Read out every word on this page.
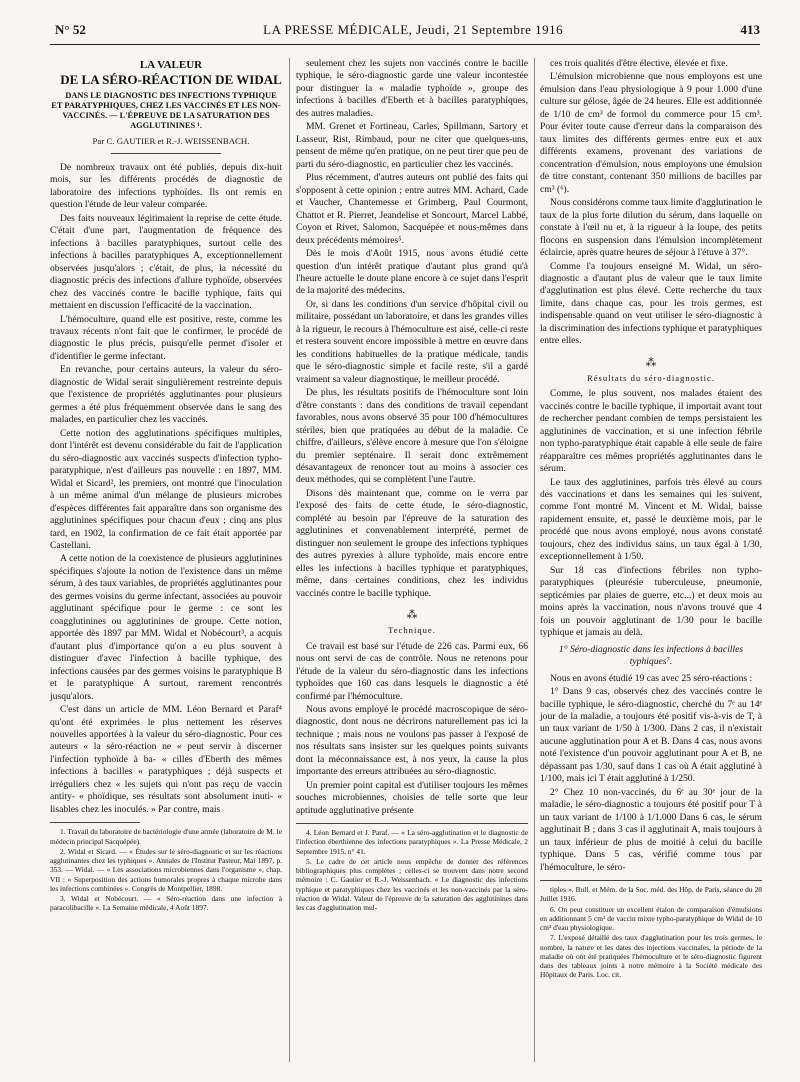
N° 52	LA PRESSE MÉDICALE, Jeudi, 21 Septembre 1916	413

LA VALEUR

DE LA SÉRO-RÉACTION DE WIDAL

DANS LE DIAGNOSTIC DES INFECTIONS TYPHIQUE ET PARATYPHIQUES, CHEZ LES VACCINÉS ET LES NON-VACCINÉS. — L'ÉPREUVE DE LA SATURATION DES AGGLUTININES ¹.

Par C. GAUTIER et R.-J. WEISSENBACH.

De nombreux travaux ont été publiés, depuis dix-huit mois, sur les différents procédés de diagnostic de laboratoire des infections typhoïdes. Ils ont remis en question l'étude de leur valeur comparée.

Des faits nouveaux légitimaient la reprise de cette étude. C'était d'une part, l'augmentation de fréquence des infections à bacilles paratyphiques, surtout celle des infections à bacilles paratyphiques A, exceptionnellement observées jusqu'alors ; c'était, de plus, la nécessité du diagnostic précis des infections d'allure typhoïde, observées chez des vaccinés contre le bacille typhique, faits qui mettaient en discussion l'efficacité de la vaccination.

L'hémoculture, quand elle est positive, reste, comme les travaux récents n'ont fait que le confirmer, le procédé de diagnostic le plus précis, puisqu'elle permet d'isoler et d'identifier le germe infectant.

En revanche, pour certains auteurs, la valeur du séro-diagnostic de Widal serait singulièrement restreinte depuis que l'existence de propriétés agglutinantes pour plusieurs germes a été plus fréquemment observée dans le sang des malades, en particulier chez les vaccinés.

Cette notion des agglutinations spécifiques multiples, dont l'intérêt est devenu considérable du fait de l'application du séro-diagnostic aux vaccinés suspects d'infection typho-paratyphique, n'est d'ailleurs pas nouvelle : en 1897, MM. Widal et Sicard², les premiers, ont montré que l'inoculation à un même animal d'un mélange de plusieurs microbes d'espèces différentes fait apparaître dans son organisme des agglutinines spécifiques pour chacun d'eux ; cinq ans plus tard, en 1902, la confirmation de ce fait était apportée par Castellani.

A cette notion de la coexistence de plusieurs agglutinines spécifiques s'ajoute la notion de l'existence dans un même sérum, à des taux variables, de propriétés agglutinantes pour des germes voisins du germe infectant, associées au pouvoir agglutinant spécifique pour le germe : ce sont les coagglutinines ou agglutinines de groupe. Cette notion, apportée dès 1897 par MM. Widal et Nobécourt³, a acquis d'autant plus d'importance qu'on a eu plus souvent à distinguer d'avec l'infection à bacille typhique, des infections causées par des germes voisins le paratyphique B et le paratyphique A surtout, rarement rencontrés jusqu'alors.

C'est dans un article de MM. Léon Bernard et Paraf⁴ qu'ont été exprimées le plus nettement les réserves nouvelles apportées à la valeur du séro-diagnostic. Pour ces auteurs « la séro-réaction ne « peut servir à discerner l'infection typhoïde à ba- « cilles d'Eberth des mêmes infections à bacilles « paratyphiques ; déjà suspects et irréguliers chez « les sujets qui n'ont pas reçu de vaccin antity- « phoïdique, ses résultats sont absolument inuti- « lisables chez les inoculés. » Par contre, mais

1. Travail du laboratoire de bactériologie d'une armée (laboratoire de M. le médecin principal Sacquépée).

2. Widal et Sicard. — « Études sur le séro-diagnostic et sur les réactions agglutinantes chez les typhiques ». Annales de l'Institut Pasteur, Mai 1897, p. 353. — Widal. — « Les associations microbiennes dans l'organisme », chap. VII : « Superposition des actions humorales propres à chaque microbe dans les infections combinées ». Congrès de Montpellier, 1898.

3. Widal et Nobécourt. — « Séro-réaction dans une infection à paracolibacille ». La Semaine médicale, 4 Août 1897.

seulement chez les sujets non vaccinés contre le bacille typhique, le séro-diagnostic garde une valeur incontestée pour distinguer la « maladie typhoïde », groupe des infections à bacilles d'Eberth et à bacilles paratyphiques, des autres maladies.

MM. Grenet et Fortineau, Carles, Spillmann, Sartory et Lasseur, Rist, Rimbaud, pour ne citer que quelques-uns, pensent de même qu'en pratique, on ne peut tirer que peu de parti du séro-diagnostic, en particulier chez les vaccinés.

Plus récemment, d'autres auteurs ont publié des faits qui s'opposent à cette opinion ; entre autres MM. Achard, Cade et Vaucher, Chantemesse et Grimberg, Paul Courmont, Chattot et R. Pierret, Jeandelise et Soncourt, Marcel Labbé, Coyon et Rivet, Salomon, Sacquépée et nous-mêmes dans deux précédents mémoires⁵.

Dès le mois d'Août 1915, nous avons étudié cette question d'un intérêt pratique d'autant plus grand qu'à l'heure actuelle le doute plane encore à ce sujet dans l'esprit de la majorité des médecins.

Or, si dans les conditions d'un service d'hôpital civil ou militaire, possédant un laboratoire, et dans les grandes villes à la rigueur, le recours à l'hémoculture est aisé, celle-ci reste et restera souvent encore impossible à mettre en œuvre dans les conditions habituelles de la pratique médicale, tandis que le séro-diagnostic simple et facile reste, s'il a gardé vraiment sa valeur diagnostique, le meilleur procédé.

De plus, les résultats positifs de l'hémoculture sont loin d'être constants : dans des conditions de travail cependant favorables, nous avons observé 35 pour 100 d'hémocultures stériles, bien que pratiquées au début de la maladie. Ce chiffre, d'ailleurs, s'élève encore à mesure que l'on s'éloigne du premier septénaire. Il serait donc extrêmement désavantageux de renoncer tout au moins à associer ces deux méthodes, qui se complètent l'une l'autre.

Disons dès maintenant que, comme on le verra par l'exposé des faits de cette étude, le séro-diagnostic, complété au besoin par l'épreuve de la saturation des agglutinines et convenablement interprété, permet de distinguer non seulement le groupe des infections typhiques des autres pyrexies à allure typhoïde, mais encore entre elles les infections à bacilles typhique et paratyphiques, même, dans certaines conditions, chez les individus vaccinés contre le bacille typhique.

⁂
Technique.

Ce travail est basé sur l'étude de 226 cas. Parmi eux, 66 nous ont servi de cas de contrôle. Nous ne retenons pour l'étude de la valeur du séro-diagnostic dans les infections typhoïdes que 160 cas dans lesquels le diagnostic a été confirmé par l'hémoculture.

Nous avons employé le procédé macroscopique de séro-diagnostic, dont nous ne décrirons naturellement pas ici la technique ; mais nous ne voulons pas passer à l'exposé de nos résultats sans insister sur les quelques points suivants dont la méconnaissance est, à nos yeux, la cause la plus importante des erreurs attribuées au séro-diagnostic.

Un premier point capital est d'utiliser toujours les mêmes souches microbiennes, choisies de telle sorte que leur aptitude agglutinative présente

4. Léon Bernard et J. Paraf. — « La séro-agglutination et le diagnostic de l'infection éberthienne des infections paratyphiques ». La Presse Médicale, 2 Septembre 1915, n° 41.

5. Le cadre de cet article nous empêche de donner des références bibliographiques plus complètes ; celles-ci se trouvent dans notre second mémoire : C. Gautier et R.-J. Weissenbach. « Le diagnostic des infections typhique et paratyphiques chez les vaccinés et les non-vaccinés par la séro-réaction de Widal. Valeur de l'épreuve de la saturation des agglutinines dans les cas d'agglutination mul-

ces trois qualités d'être élective, élevée et fixe.

L'émulsion microbienne que nous employons est une émulsion dans l'eau physiologique à 9 pour 1.000 d'une culture sur gélose, âgée de 24 heures. Elle est additionnée de 1/10 de cm³ de formol du commerce pour 15 cm³. Pour éviter toute cause d'erreur dans la comparaison des taux limites des différents germes entre eux et aux différents examens, provenant des variations de concentration d'émulsion, nous employons une émulsion de titre constant, contenant 350 millions de bacilles par cm³ (⁶).

Nous considérons comme taux limite d'agglutination le taux de la plus forte dilution du sérum, dans laquelle on constate à l'œil nu et, à la rigueur à la loupe, des petits flocons en suspension dans l'émulsion incomplètement éclaircie, après quatre heures de séjour à l'étuve à 37°.

Comme l'a toujours enseigné M. Widal, un séro-diagnostic a d'autant plus de valeur que le taux limite d'agglutination est plus élevé. Cette recherche du taux limite, dans chaque cas, pour les trois germes, est indispensable quand on veut utiliser le séro-diagnostic à la discrimination des infections typhique et paratyphiques entre elles.

⁂
Résultats du séro-diagnostic.

Comme, le plus souvent, nos malades étaient des vaccinés contre le bacille typhique, il importait avant tout de rechercher pendant combien de temps persistaient les agglutinines de vaccination, et si une infection fébrile non typho-paratyphique était capable à elle seule de faire réapparaître ces mêmes propriétés agglutinantes dans le sérum.

Le taux des agglutinines, parfois très élevé au cours des vaccinations et dans les semaines qui les suivent, comme l'ont montré M. Vincent et M. Widal, baisse rapidement ensuite, et, passé le deuxième mois, par le procédé que nous avons employé, nous avons constaté toujours, chez des individus sains, un taux égal à 1/30, exceptionnellement à 1/50.

Sur 18 cas d'infections fébriles non typho-paratyphiques (pleurésie tuberculeuse, pneumonie, septicémies par plaies de guerre, etc...) et deux mois au moins après la vaccination, nous n'avons trouvé que 4 fois un pouvoir agglutinant de 1/30 pour le bacille typhique et jamais au delà.

1° Séro-diagnostic dans les infections à bacilles typhiques⁷.

Nous en avons étudié 19 cas avec 25 séro-réactions :

1° Dans 9 cas, observés chez des vaccinés contre le bacille typhique, le séro-diagnostic, cherché du 7ᵉ au 14ᵉ jour de la maladie, a toujours été positif vis-à-vis de T, à un taux variant de 1/50 à 1/300. Dans 2 cas, il n'existait aucune agglutination pour A et B. Dans 4 cas, nous avons noté l'existence d'un pouvoir agglutinant pour A et B, ne dépassant pas 1/30, sauf dans 1 cas où A était agglutiné à 1/100, mais ici T était agglutiné à 1/250.

2° Chez 10 non-vaccinés, du 6ᵉ au 30ᵉ jour de la maladie, le séro-diagnostic a toujours été positif pour T à un taux variant de 1/100 à 1/1.000 Dans 6 cas, le sérum agglutinait B ; dans 3 cas il agglutinait A, mais toujours à un taux inférieur de plus de moitié à celui du bacille typhique. Dans 5 cas, vérifié comme tous par l'hémoculture, le séro-

tiples ». Bull. et Mém. de la Soc. méd. des Hôp. de Paris, séance du 28 Juillet 1916.

6. On peut constituer un excellent étalon de comparaison d'émulsions en additionnant 5 cm³ de vaccin mixte typho-paratyphique de Widal de 10 cm³ d'eau physiologique.

7. L'exposé détaillé des taux d'agglutination pour les trois germes, le nombre, la nature et les dates des injections vaccinales, la période de la maladie où ont été pratiquées l'hémoculture et le séro-diagnostic figurent dans des tableaux joints à notre mémoire à la Société médicale des Hôpitaux de Paris. Loc. cit.
